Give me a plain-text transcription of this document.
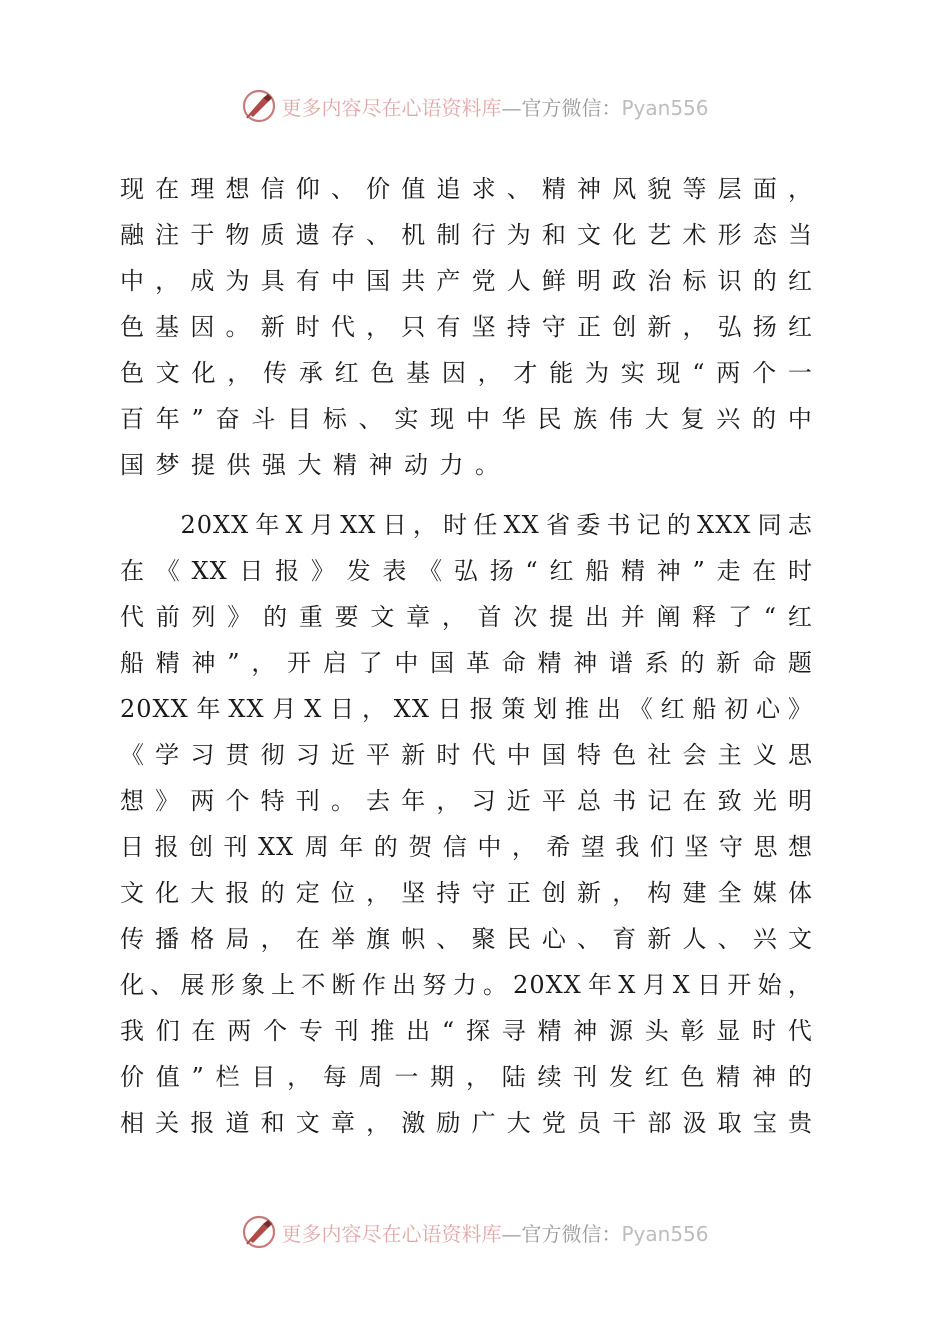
更多内容尽在心语资料库—官方微信：Pyan556
现 在 理 想 信 仰 、 价 值 追 求 、 精 神 风 貌 等 层 面 ，
融 注 于 物 质 遗 存 、 机 制 行 为 和 文 化 艺 术 形 态 当
中 ， 成 为 具 有 中 国 共 产 党 人 鲜 明 政 治 标 识 的 红
色 基 因 。 新 时 代 ， 只 有 坚 持 守 正 创 新 ， 弘 扬 红
色 文 化 ， 传 承 红 色 基 因 ， 才 能 为 实 现 “ 两 个 一
百 年 ” 奋 斗 目 标 、 实 现 中 华 民 族 伟 大 复 兴 的 中
国梦提供强大精神动力。

20XX 年 X 月 XX 日 ， 时 任 XX 省 委 书 记 的 XXX 同 志
在 《 XX 日 报 》 发 表 《 弘 扬 “ 红 船 精 神 ” 走 在 时
代 前 列 》 的 重 要 文 章 ， 首 次 提 出 并 阐 释 了 “ 红
船 精 神 ” ， 开 启 了 中 国 革 命 精 神 谱 系 的 新 命 题
20XX 年 XX 月 X 日 ， XX 日 报 策 划 推 出 《 红 船 初 心 》
《 学 习 贯 彻 习 近 平 新 时 代 中 国 特 色 社 会 主 义 思
想 》 两 个 特 刊 。 去 年 ， 习 近 平 总 书 记 在 致 光 明
日 报 创 刊 XX 周 年 的 贺 信 中 ， 希 望 我 们 坚 守 思 想
文 化 大 报 的 定 位 ， 坚 持 守 正 创 新 ， 构 建 全 媒 体
传 播 格 局 ， 在 举 旗 帜 、 聚 民 心 、 育 新 人 、 兴 文
化 、 展 形 象 上 不 断 作 出 努 力 。 20XX 年 X 月 X 日 开 始 ，
我 们 在 两 个 专 刊 推 出 “ 探 寻 精 神 源 头 彰 显 时 代
价 值 ” 栏 目 ， 每 周 一 期 ， 陆 续 刊 发 红 色 精 神 的
相 关 报 道 和 文 章 ， 激 励 广 大 党 员 干 部 汲 取 宝 贵
更多内容尽在心语资料库—官方微信：Pyan556
